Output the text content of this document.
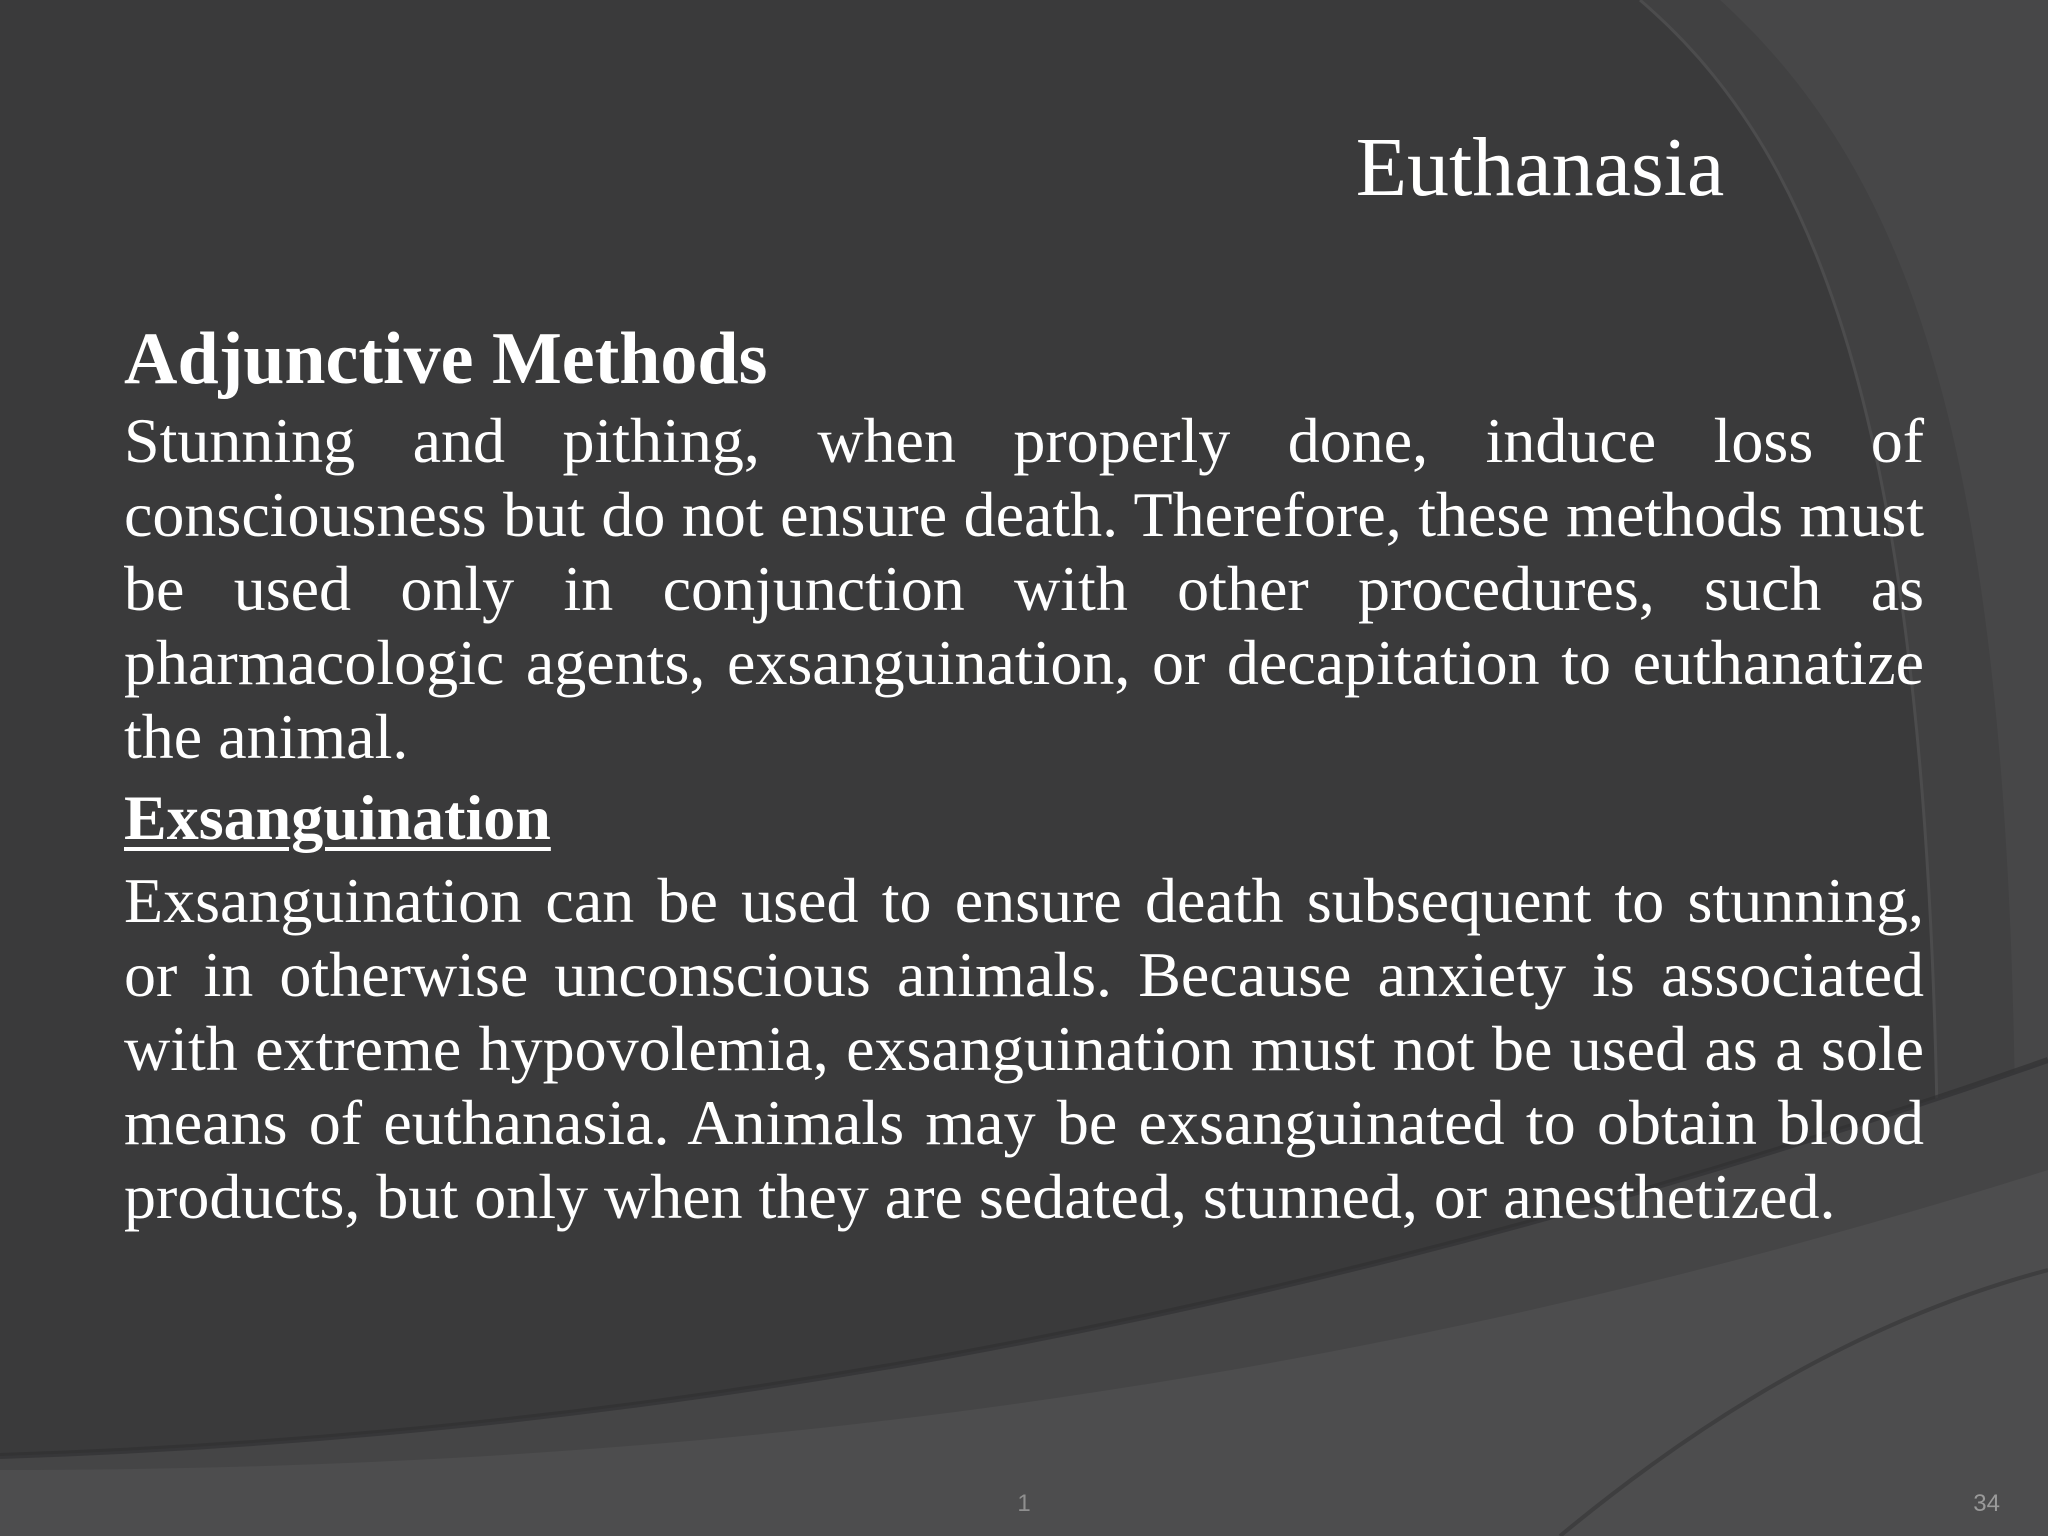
Euthanasia

Adjunctive Methods

Stunning and pithing, when properly done, induce loss of consciousness but do not ensure death. Therefore, these methods must be used only in conjunction with other procedures, such as pharmacologic agents, exsanguination, or decapitation to euthanatize the animal.

Exsanguination

Exsanguination can be used to ensure death subsequent to stunning, or in otherwise unconscious animals. Because anxiety is associated with extreme hypovolemia, exsanguination must not be used as a sole means of euthanasia. Animals may be exsanguinated to obtain blood products, but only when they are sedated, stunned, or anesthetized.

1	34
